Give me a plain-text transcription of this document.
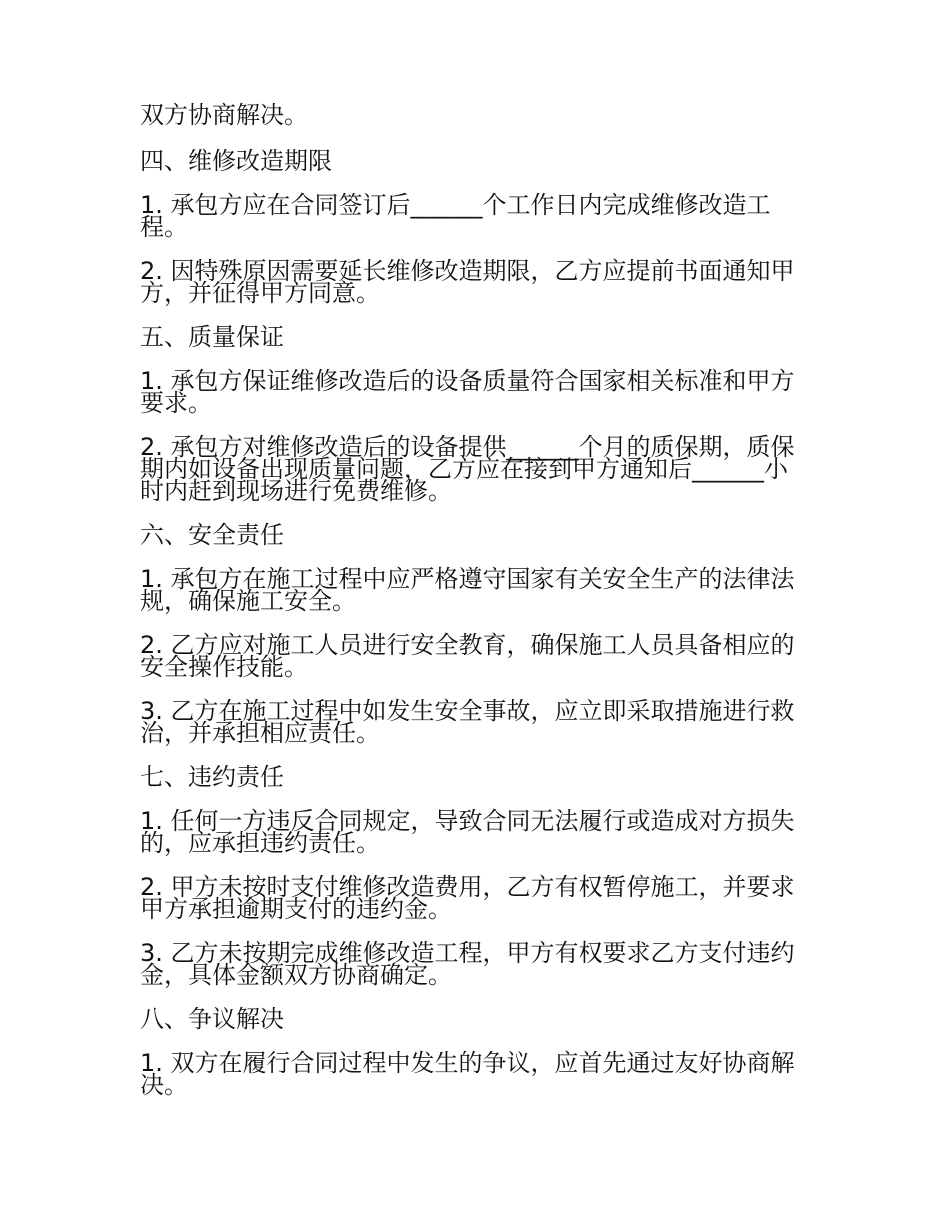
双方协商解决。

四、维修改造期限

1. 承包方应在合同签订后______个工作日内完成维修改造工程。

2. 因特殊原因需要延长维修改造期限，乙方应提前书面通知甲方，并征得甲方同意。

五、质量保证

1. 承包方保证维修改造后的设备质量符合国家相关标准和甲方要求。

2. 承包方对维修改造后的设备提供______个月的质保期，质保期内如设备出现质量问题，乙方应在接到甲方通知后______小时内赶到现场进行免费维修。

六、安全责任

1. 承包方在施工过程中应严格遵守国家有关安全生产的法律法规，确保施工安全。

2. 乙方应对施工人员进行安全教育，确保施工人员具备相应的安全操作技能。

3. 乙方在施工过程中如发生安全事故，应立即采取措施进行救治，并承担相应责任。

七、违约责任

1. 任何一方违反合同规定，导致合同无法履行或造成对方损失的，应承担违约责任。

2. 甲方未按时支付维修改造费用，乙方有权暂停施工，并要求甲方承担逾期支付的违约金。

3. 乙方未按期完成维修改造工程，甲方有权要求乙方支付违约金，具体金额双方协商确定。

八、争议解决

1. 双方在履行合同过程中发生的争议，应首先通过友好协商解决。
